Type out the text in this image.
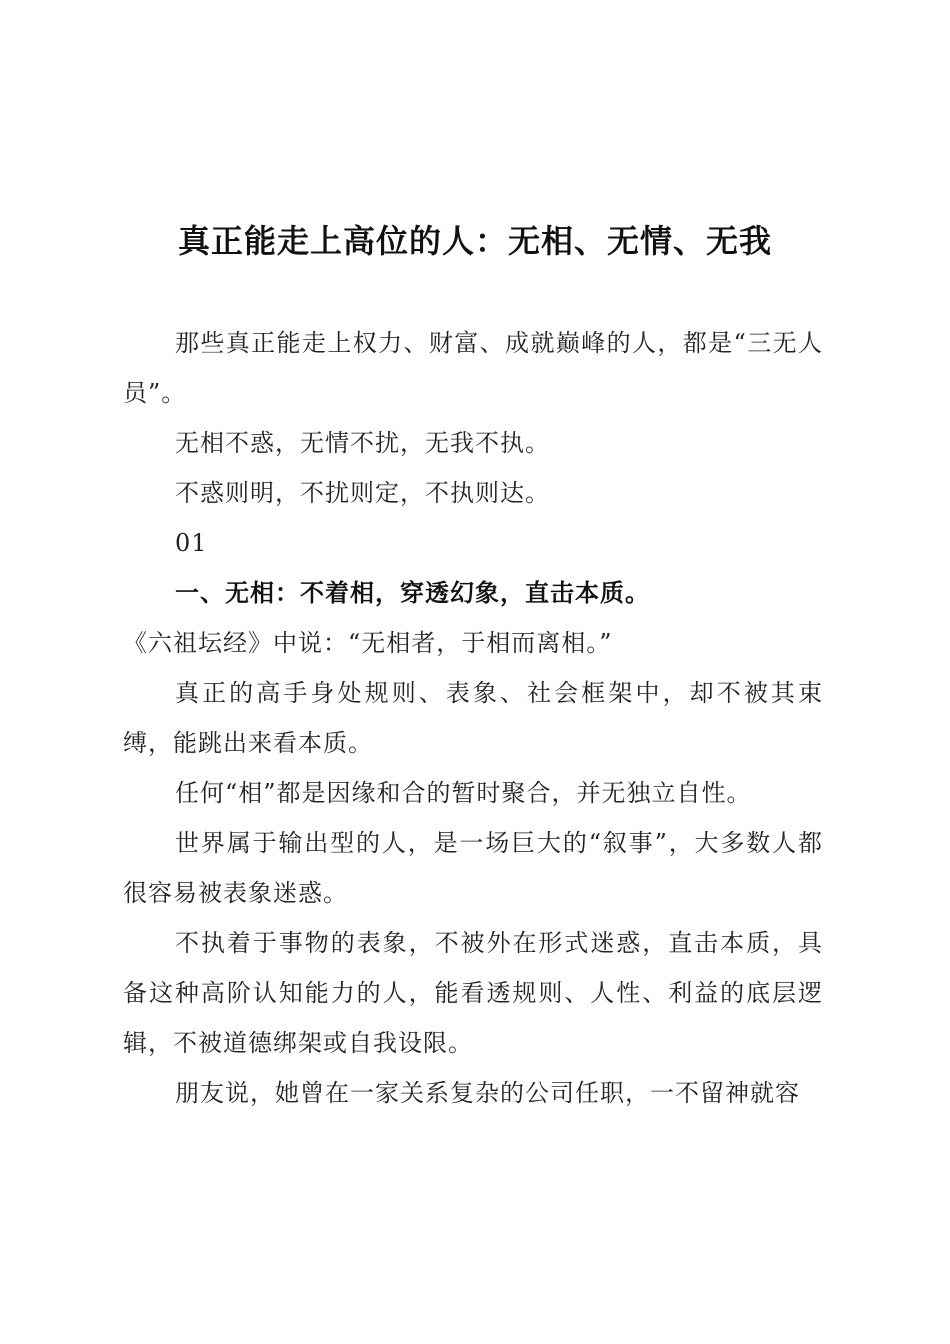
真正能走上高位的人：无相、无情、无我

那些真正能走上权力、财富、成就巅峰的人，都是“三无人员”。

无相不惑，无情不扰，无我不执。

不惑则明，不扰则定，不执则达。

01

一、无相：不着相，穿透幻象，直击本质。

《六祖坛经》中说：“无相者，于相而离相。”

真正的高手身处规则、表象、社会框架中，却不被其束缚，能跳出来看本质。

任何“相”都是因缘和合的暂时聚合，并无独立自性。

世界属于输出型的人，是一场巨大的“叙事”，大多数人都很容易被表象迷惑。

不执着于事物的表象，不被外在形式迷惑，直击本质，具备这种高阶认知能力的人，能看透规则、人性、利益的底层逻辑，不被道德绑架或自我设限。

朋友说，她曾在一家关系复杂的公司任职，一不留神就容
